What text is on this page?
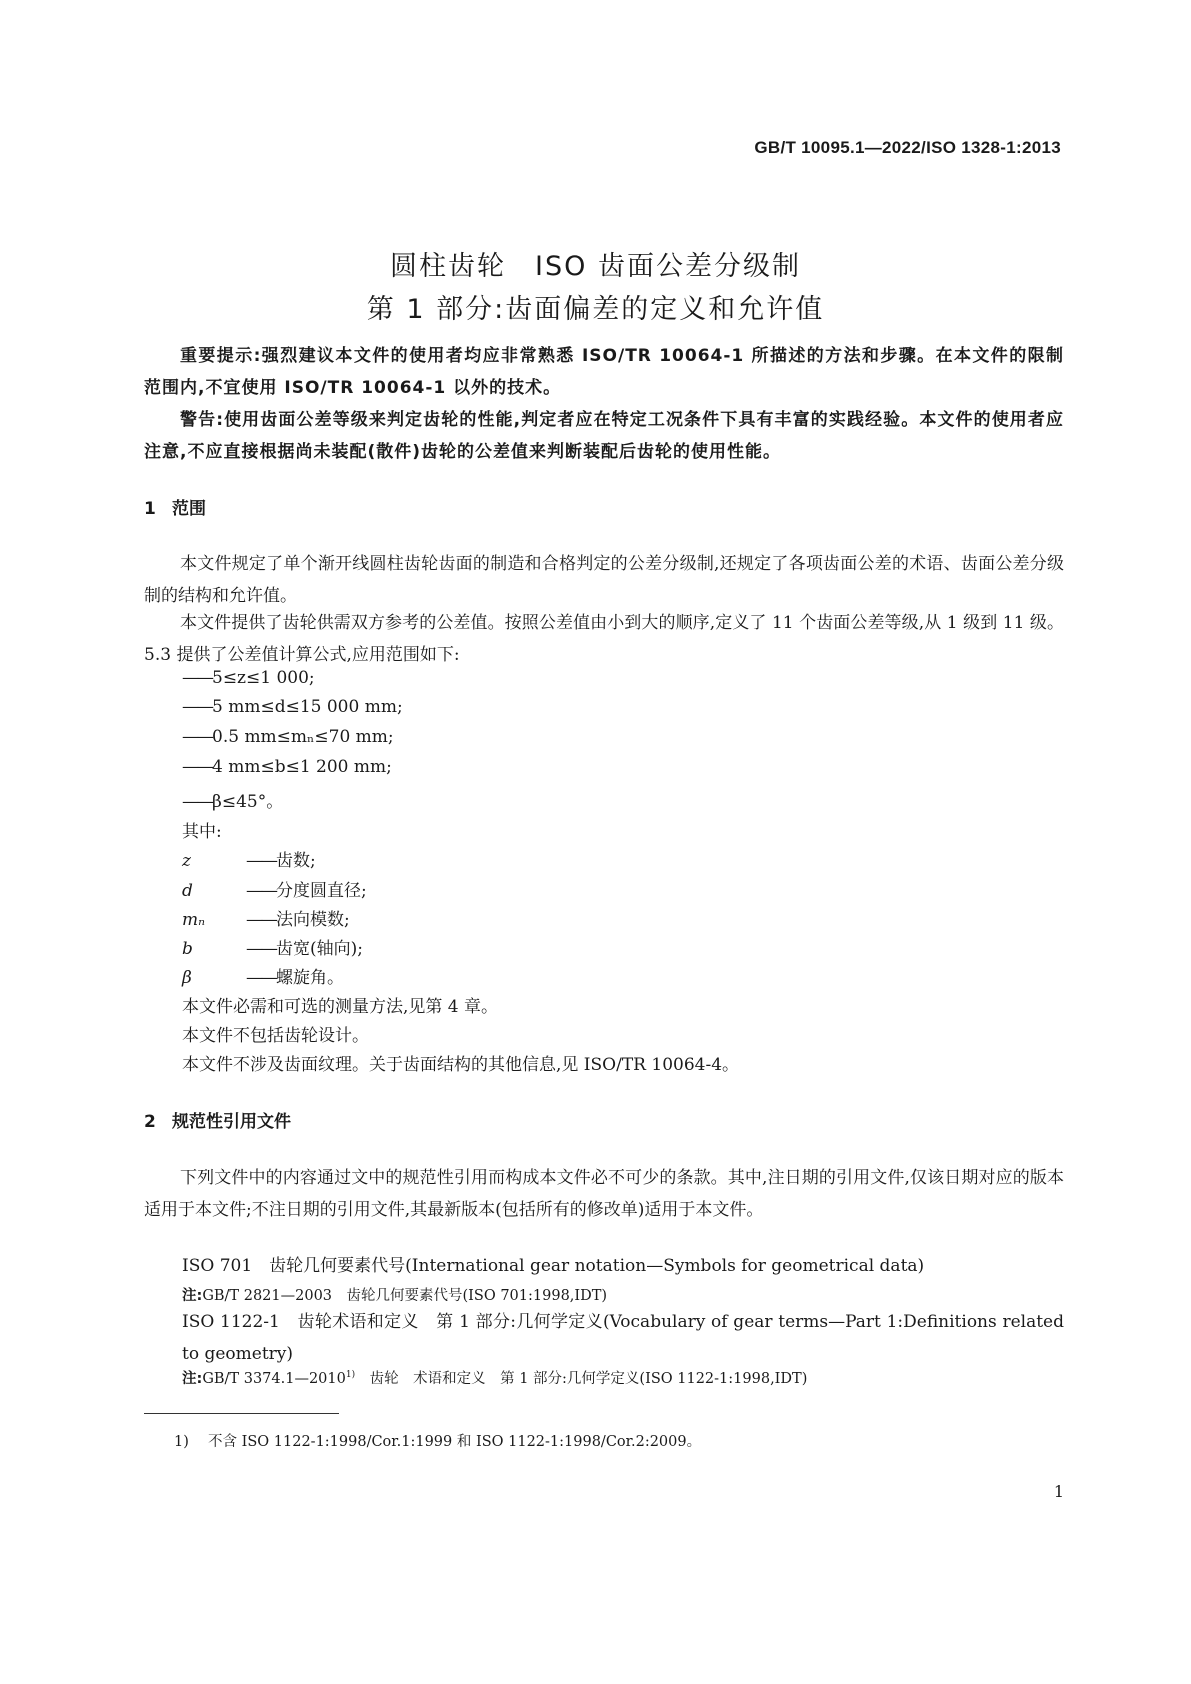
GB/T 10095.1—2022/ISO 1328-1:2013
圆柱齿轮　ISO 齿面公差分级制
第 1 部分:齿面偏差的定义和允许值
重要提示:强烈建议本文件的使用者均应非常熟悉 ISO/TR 10064-1 所描述的方法和步骤。在本文件的限制范围内,不宜使用 ISO/TR 10064-1 以外的技术。
警告:使用齿面公差等级来判定齿轮的性能,判定者应在特定工况条件下具有丰富的实践经验。本文件的使用者应注意,不应直接根据尚未装配(散件)齿轮的公差值来判断装配后齿轮的使用性能。
1 范围
本文件规定了单个渐开线圆柱齿轮齿面的制造和合格判定的公差分级制,还规定了各项齿面公差的术语、齿面公差分级制的结构和允许值。
本文件提供了齿轮供需双方参考的公差值。按照公差值由小到大的顺序,定义了 11 个齿面公差等级,从 1 级到 11 级。5.3 提供了公差值计算公式,应用范围如下:
——5≤z≤1 000;
——5 mm≤d≤15 000 mm;
——0.5 mm≤mₙ≤70 mm;
——4 mm≤b≤1 200 mm;
——β≤45°。
其中:
z	——齿数;
d	——分度圆直径;
mₙ ——法向模数;
b	——齿宽(轴向);
β	——螺旋角。
本文件必需和可选的测量方法,见第 4 章。
本文件不包括齿轮设计。
本文件不涉及齿面纹理。关于齿面结构的其他信息,见 ISO/TR 10064-4。
2 规范性引用文件
下列文件中的内容通过文中的规范性引用而构成本文件必不可少的条款。其中,注日期的引用文件,仅该日期对应的版本适用于本文件;不注日期的引用文件,其最新版本(包括所有的修改单)适用于本文件。
ISO 701　齿轮几何要素代号(International gear notation—Symbols for geometrical data)
注:GB/T 2821—2003　齿轮几何要素代号(ISO 701:1998,IDT)
ISO 1122-1　齿轮术语和定义　第 1 部分:几何学定义(Vocabulary of gear terms—Part 1:Definitions related to geometry)
注:GB/T 3374.1—2010$^{1)}$　齿轮　术语和定义　第 1 部分:几何学定义(ISO 1122-1:1998,IDT)
1) 不含 ISO 1122-1:1998/Cor.1:1999 和 ISO 1122-1:1998/Cor.2:2009。
1
